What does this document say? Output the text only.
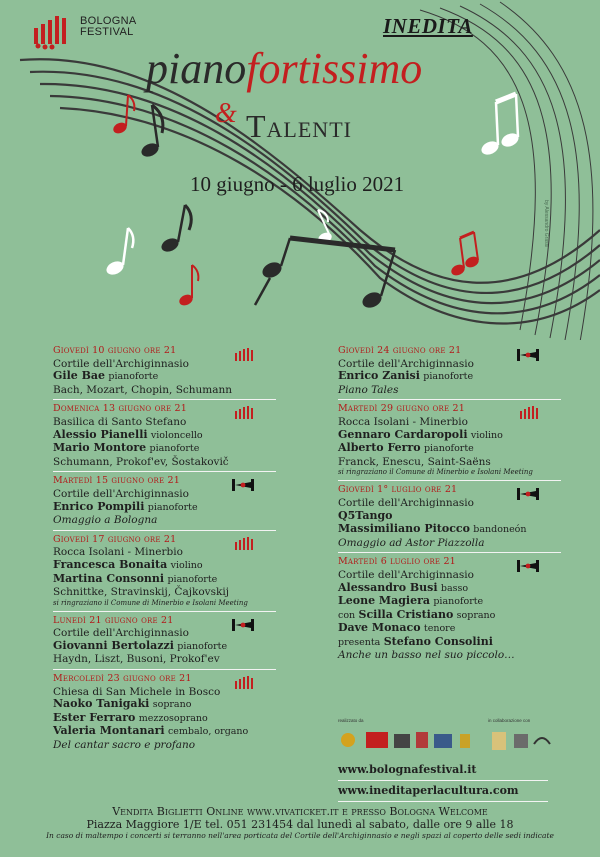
BOLOGNA
FESTIVAL	INEDITA
pianofortissimo
& Talenti
10 giugno - 6 luglio 2021
by Alessandro Grassi
Giovedì 10 giugno ore 21
Cortile dell'Archiginnasio
Gile Bae pianoforte
Bach, Mozart, Chopin, Schumann
Domenica 13 giugno ore 21
Basilica di Santo Stefano
Alessio Pianelli violoncello
Mario Montore pianoforte
Schumann, Prokof'ev, Šostakovič
Martedì 15 giugno ore 21
Cortile dell'Archiginnasio
Enrico Pompili pianoforte
Omaggio a Bologna
Giovedì 17 giugno ore 21
Rocca Isolani - Minerbio
Francesca Bonaita violino
Martina Consonni pianoforte
Schnittke, Stravinskij, Čajkovskij
si ringraziano il Comune di Minerbio e Isolani Meeting
Lunedì 21 giugno ore 21
Cortile dell'Archiginnasio
Giovanni Bertolazzi pianoforte
Haydn, Liszt, Busoni, Prokof'ev
Mercoledì 23 giugno ore 21
Chiesa di San Michele in Bosco
Naoko Tanigaki soprano
Ester Ferraro mezzosoprano
Valeria Montanari cembalo, organo
Del cantar sacro e profano
Giovedì 24 giugno ore 21
Cortile dell'Archiginnasio
Enrico Zanisi pianoforte
Piano Tales
Martedì 29 giugno ore 21
Rocca Isolani - Minerbio
Gennaro Cardaropoli violino
Alberto Ferro pianoforte
Franck, Enescu, Saint-Saëns
si ringraziano il Comune di Minerbio e Isolani Meeting
Giovedì 1° luglio ore 21
Cortile dell'Archiginnasio
Q5Tango
Massimiliano Pitocco bandoneón
Omaggio ad Astor Piazzolla
Martedì 6 luglio ore 21
Cortile dell'Archiginnasio
Alessandro Busi basso
Leone Magiera pianoforte
con Scilla Cristiano soprano
Dave Monaco tenore
presenta Stefano Consolini
Anche un basso nel suo piccolo…
realizzato da	in collaborazione con
www.bolognafestival.it
www.ineditaperlacultura.com
Vendita Biglietti Online www.vivaticket.it e presso Bologna Welcome
Piazza Maggiore 1/E tel. 051 231454 dal lunedì al sabato, dalle ore 9 alle 18
In caso di maltempo i concerti si terranno nell'area porticata del Cortile dell'Archiginnasio e negli spazi al coperto delle sedi indicate
